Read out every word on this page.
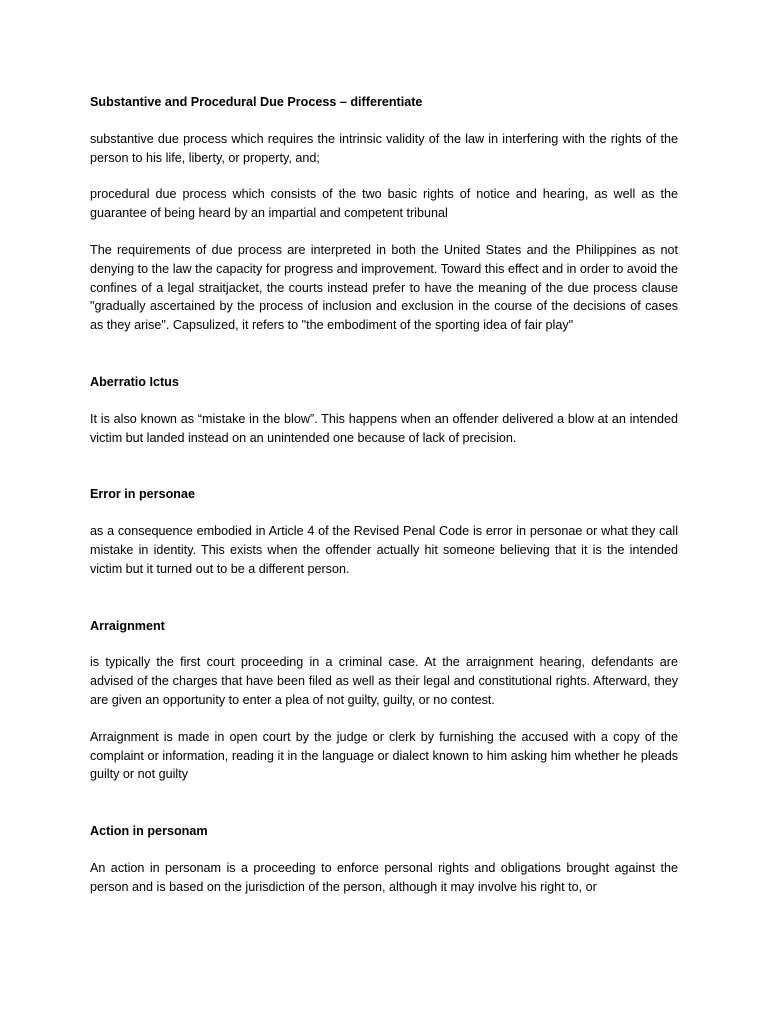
Substantive and Procedural Due Process – differentiate

substantive due process which requires the intrinsic validity of the law in interfering with the rights of the person to his life, liberty, or property, and;

procedural due process which consists of the two basic rights of notice and hearing, as well as the guarantee of being heard by an impartial and competent tribunal

The requirements of due process are interpreted in both the United States and the Philippines as not denying to the law the capacity for progress and improvement. Toward this effect and in order to avoid the confines of a legal straitjacket, the courts instead prefer to have the meaning of the due process clause "gradually ascertained by the process of inclusion and exclusion in the course of the decisions of cases as they arise". Capsulized, it refers to "the embodiment of the sporting idea of fair play"

Aberratio Ictus

It is also known as “mistake in the blow”. This happens when an offender delivered a blow at an intended victim but landed instead on an unintended one because of lack of precision.

Error in personae

as a consequence embodied in Article 4 of the Revised Penal Code is error in personae or what they call mistake in identity. This exists when the offender actually hit someone believing that it is the intended victim but it turned out to be a different person.

Arraignment

is typically the first court proceeding in a criminal case. At the arraignment hearing, defendants are advised of the charges that have been filed as well as their legal and constitutional rights. Afterward, they are given an opportunity to enter a plea of not guilty, guilty, or no contest.

Arraignment is made in open court by the judge or clerk by furnishing the accused with a copy of the complaint or information, reading it in the language or dialect known to him asking him whether he pleads guilty or not guilty

Action in personam

An action in personam is a proceeding to enforce personal rights and obligations brought against the person and is based on the jurisdiction of the person, although it may involve his right to, or
